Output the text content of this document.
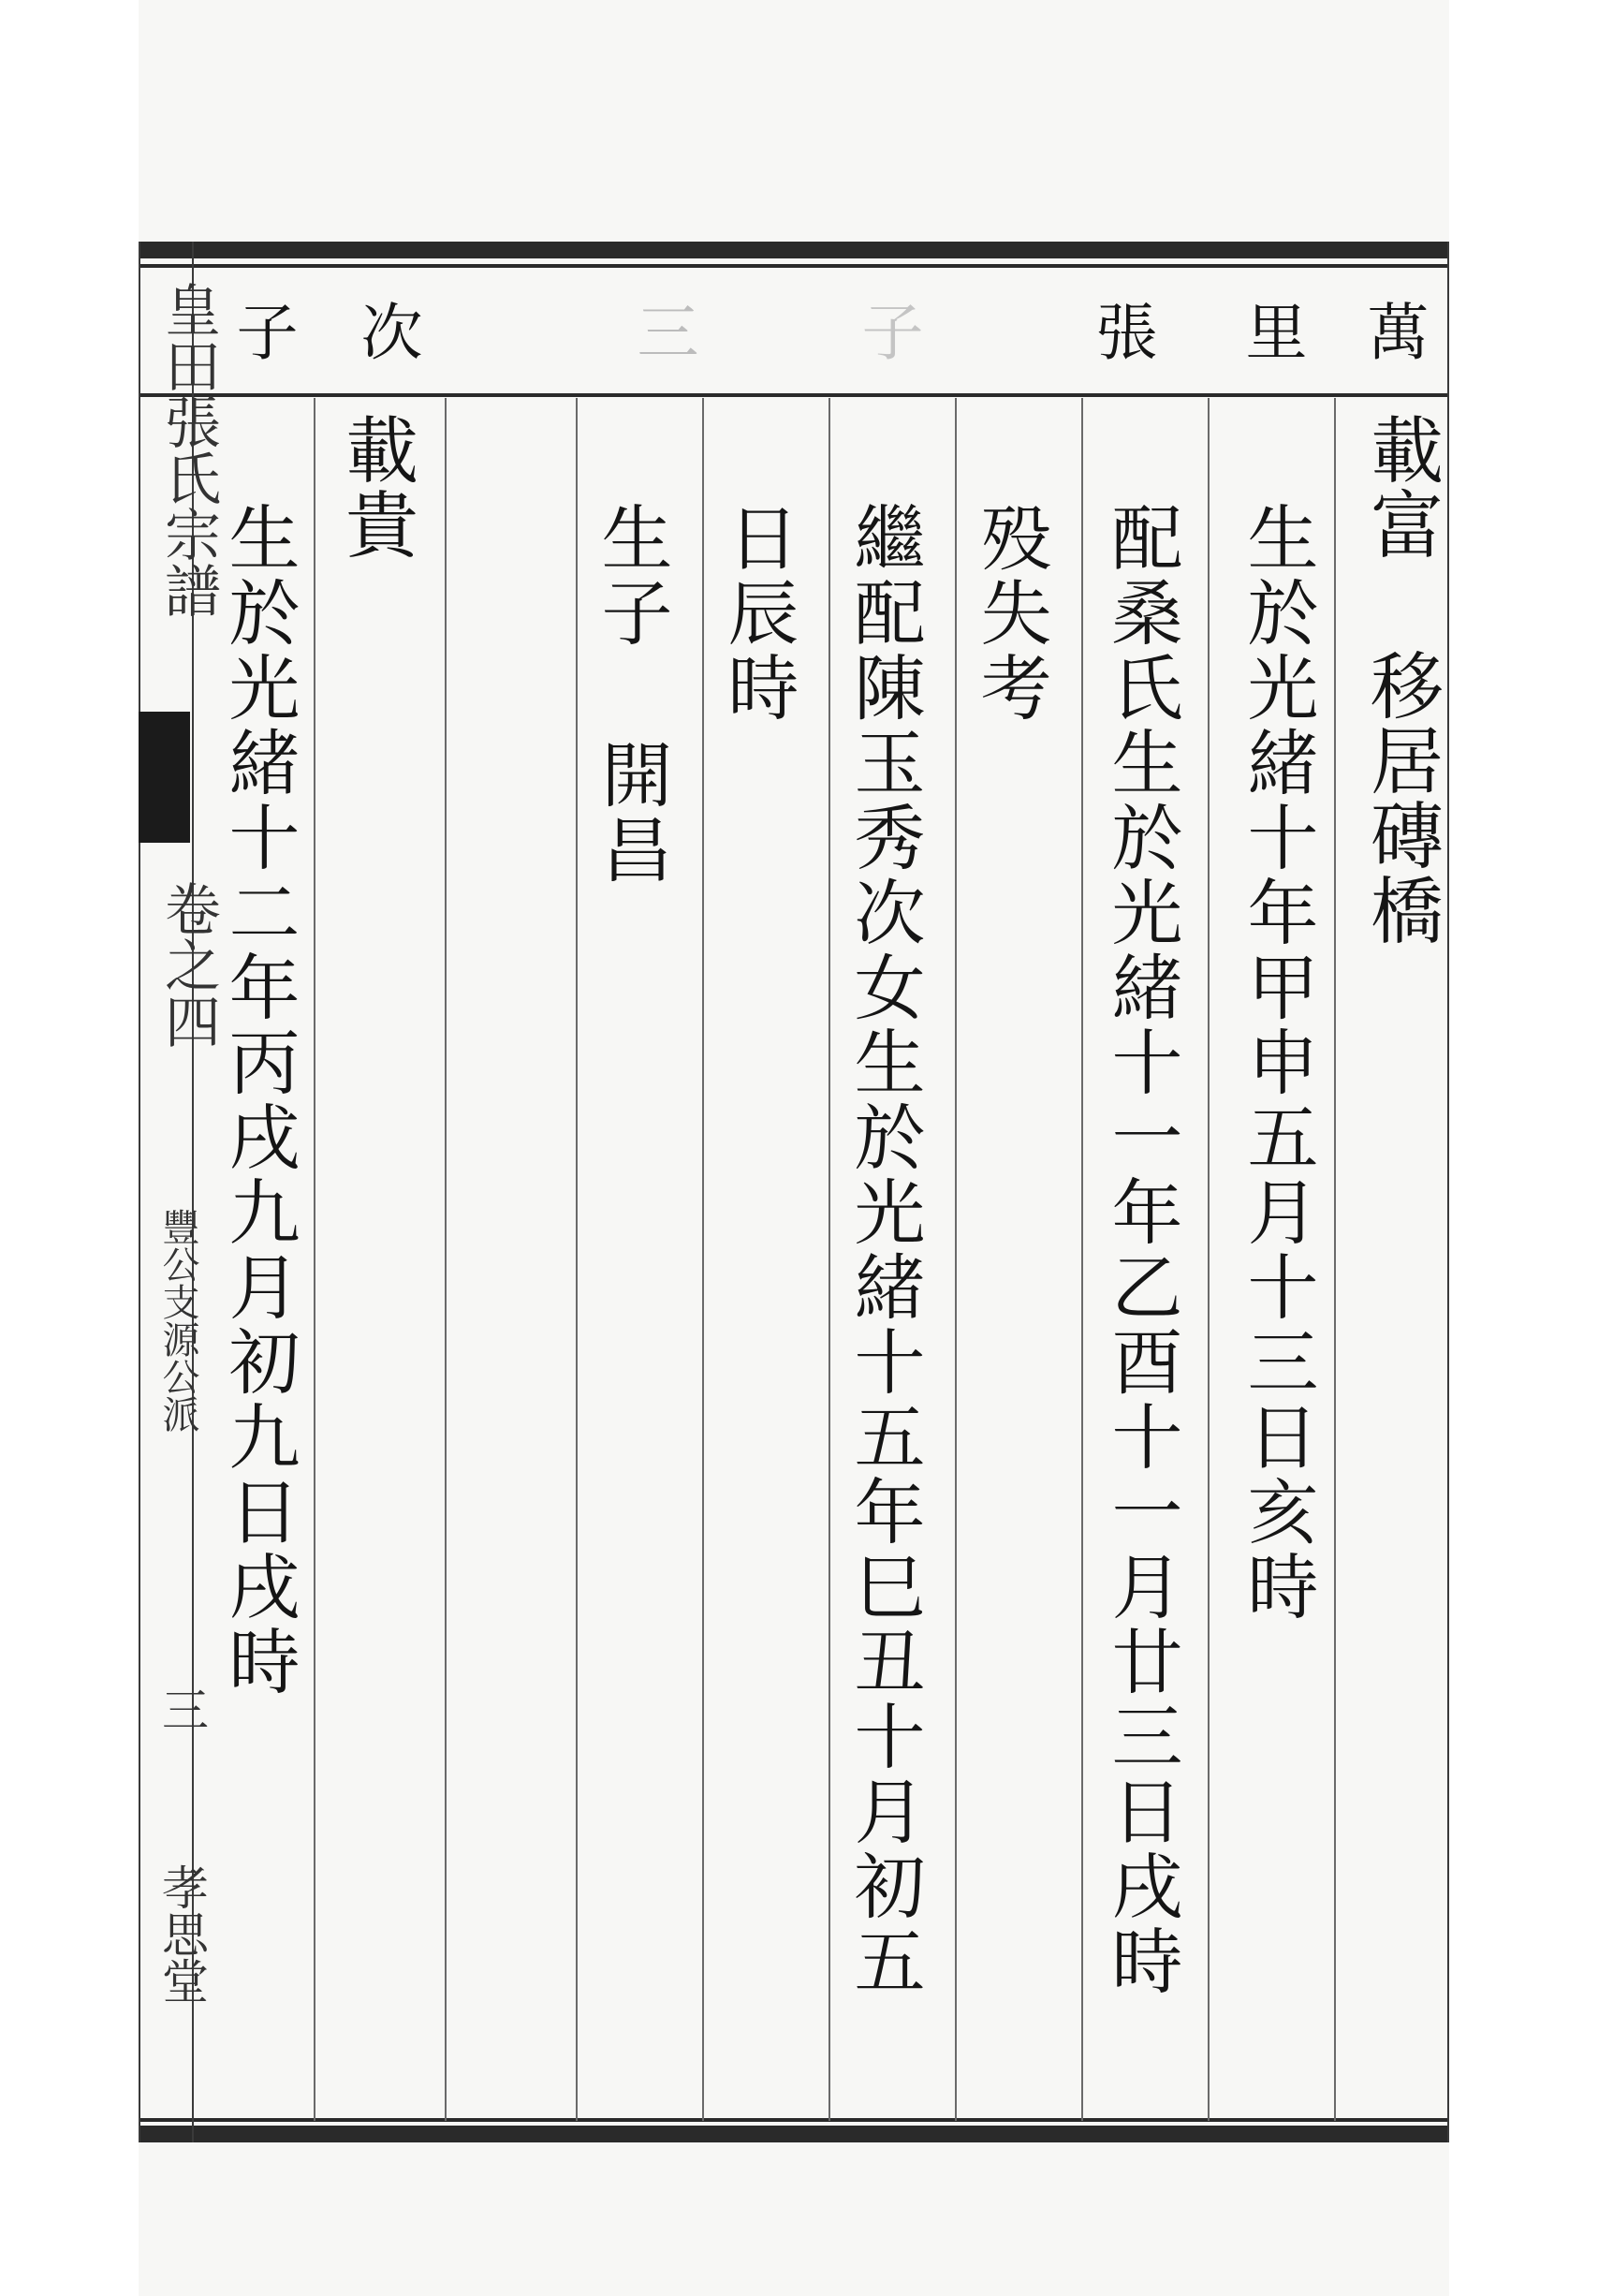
萬
里
張
三 子
次
子
皇田張氏宗譜
卷之四
豐公支源公派
三
孝思堂
載富 移居磚橋
生於光緒十年甲申五月十三日亥時
配桑氏生於光緒十一年乙酉十一月廿三日戌時
殁失考
繼配陳玉秀次女生於光緒十五年巳丑十月初五
日辰時
生子 開昌
載貴
生於光緒十二年丙戌九月初九日戌時
